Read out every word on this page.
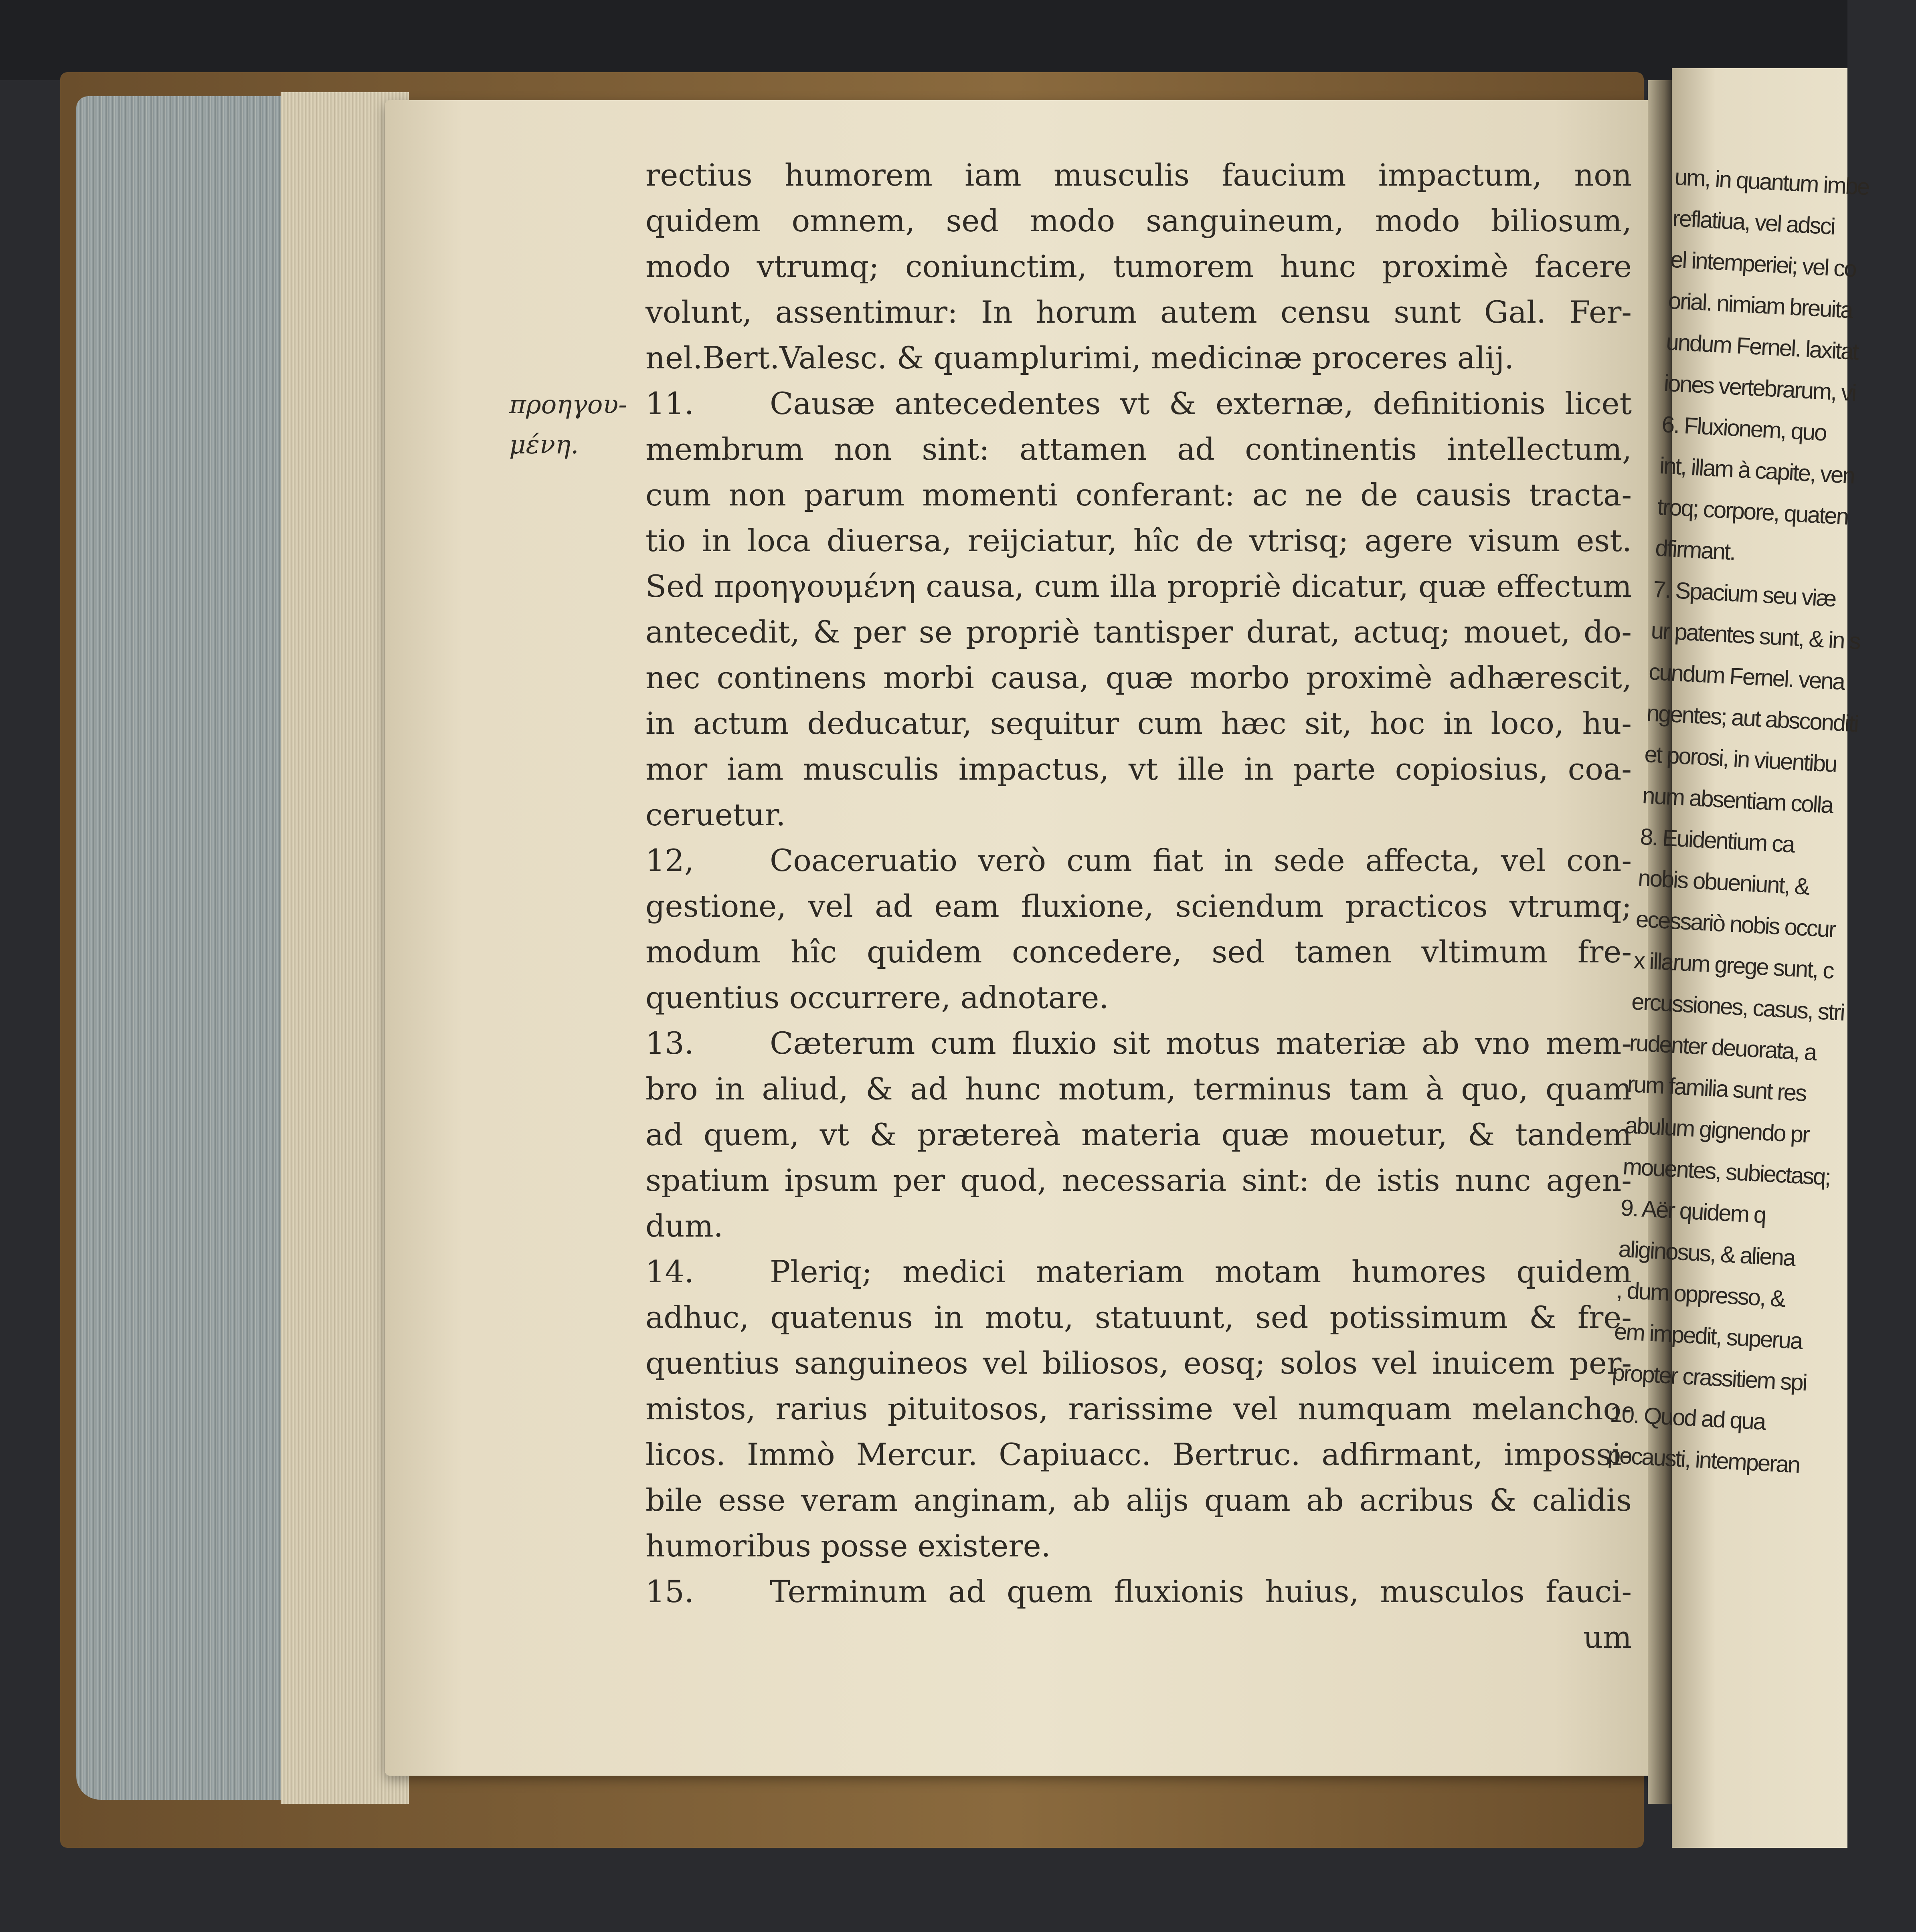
προηγου-
μένη.
rectius humorem iam musculis faucium impactum, non
quidem omnem, sed modo sanguineum, modo biliosum,
modo vtrumq; coniunctim, tumorem hunc proximè facere
volunt, assentimur: In horum autem censu sunt Gal. Fer-
nel.Bert.Valesc. & quamplurimi, medicinæ proceres alij.
11. Causæ antecedentes vt & externæ, definitionis licet
membrum non sint: attamen ad continentis intellectum,
cum non parum momenti conferant: ac ne de causis tracta-
tio in loca diuersa, reijciatur, hîc de vtrisq; agere visum est.
Sed προηγουμένη causa, cum illa propriè dicatur, quæ effectum
antecedit, & per se propriè tantisper durat, actuq; mouet, do-
nec continens morbi causa, quæ morbo proximè adhærescit,
in actum deducatur, sequitur cum hæc sit, hoc in loco, hu-
mor iam musculis impactus, vt ille in parte copiosius, coa-
ceruetur.
12, Coaceruatio verò cum fiat in sede affecta, vel con-
gestione, vel ad eam fluxione, sciendum practicos vtrumq;
modum hîc quidem concedere, sed tamen vltimum fre-
quentius occurrere, adnotare.
13. Cæterum cum fluxio sit motus materiæ ab vno mem-
bro in aliud, & ad hunc motum, terminus tam à quo, quam
ad quem, vt & prætereà materia quæ mouetur, & tandem
spatium ipsum per quod, necessaria sint: de istis nunc agen-
dum.
14. Pleriq; medici materiam motam humores quidem
adhuc, quatenus in motu, statuunt, sed potissimum & fre-
quentius sanguineos vel biliosos, eosq; solos vel inuicem per-
mistos, rarius pituitosos, rarissime vel numquam melancho-
licos. Immò Mercur. Capiuacc. Bertruc. adfirmant, impossi-
bile esse veram anginam, ab alijs quam ab acribus & calidis
humoribus posse existere.
15. Terminum ad quem fluxionis huius, musculos fauci-
um
um, in quantum imbe
reflatiua, vel adsci
el intemperiei; vel co
orial. nimiam breuita
undum Fernel. laxitat
iones vertebrarum, vi
6. Fluxionem, quo
int, illam à capite, ven
troq; corpore, quaten
dfirmant.
7. Spacium seu viæ
ur patentes sunt, & in s
cundum Fernel. vena
ngentes; aut absconditi
et porosi, in viuentibu
num absentiam colla
8. Euidentium ca
nobis obueniunt, &
ecessariò nobis occur
x illarum grege sunt, c
ercussiones, casus, stri
rudenter deuorata, a
rum familia sunt res
abulum gignendo pr
mouentes, subiectasq;
9. Aër quidem q
aliginosus, & aliena
, dum oppresso, &
em impedit, superua
propter crassitiem spi
10. Quod ad qua
pocausti, intemperan
